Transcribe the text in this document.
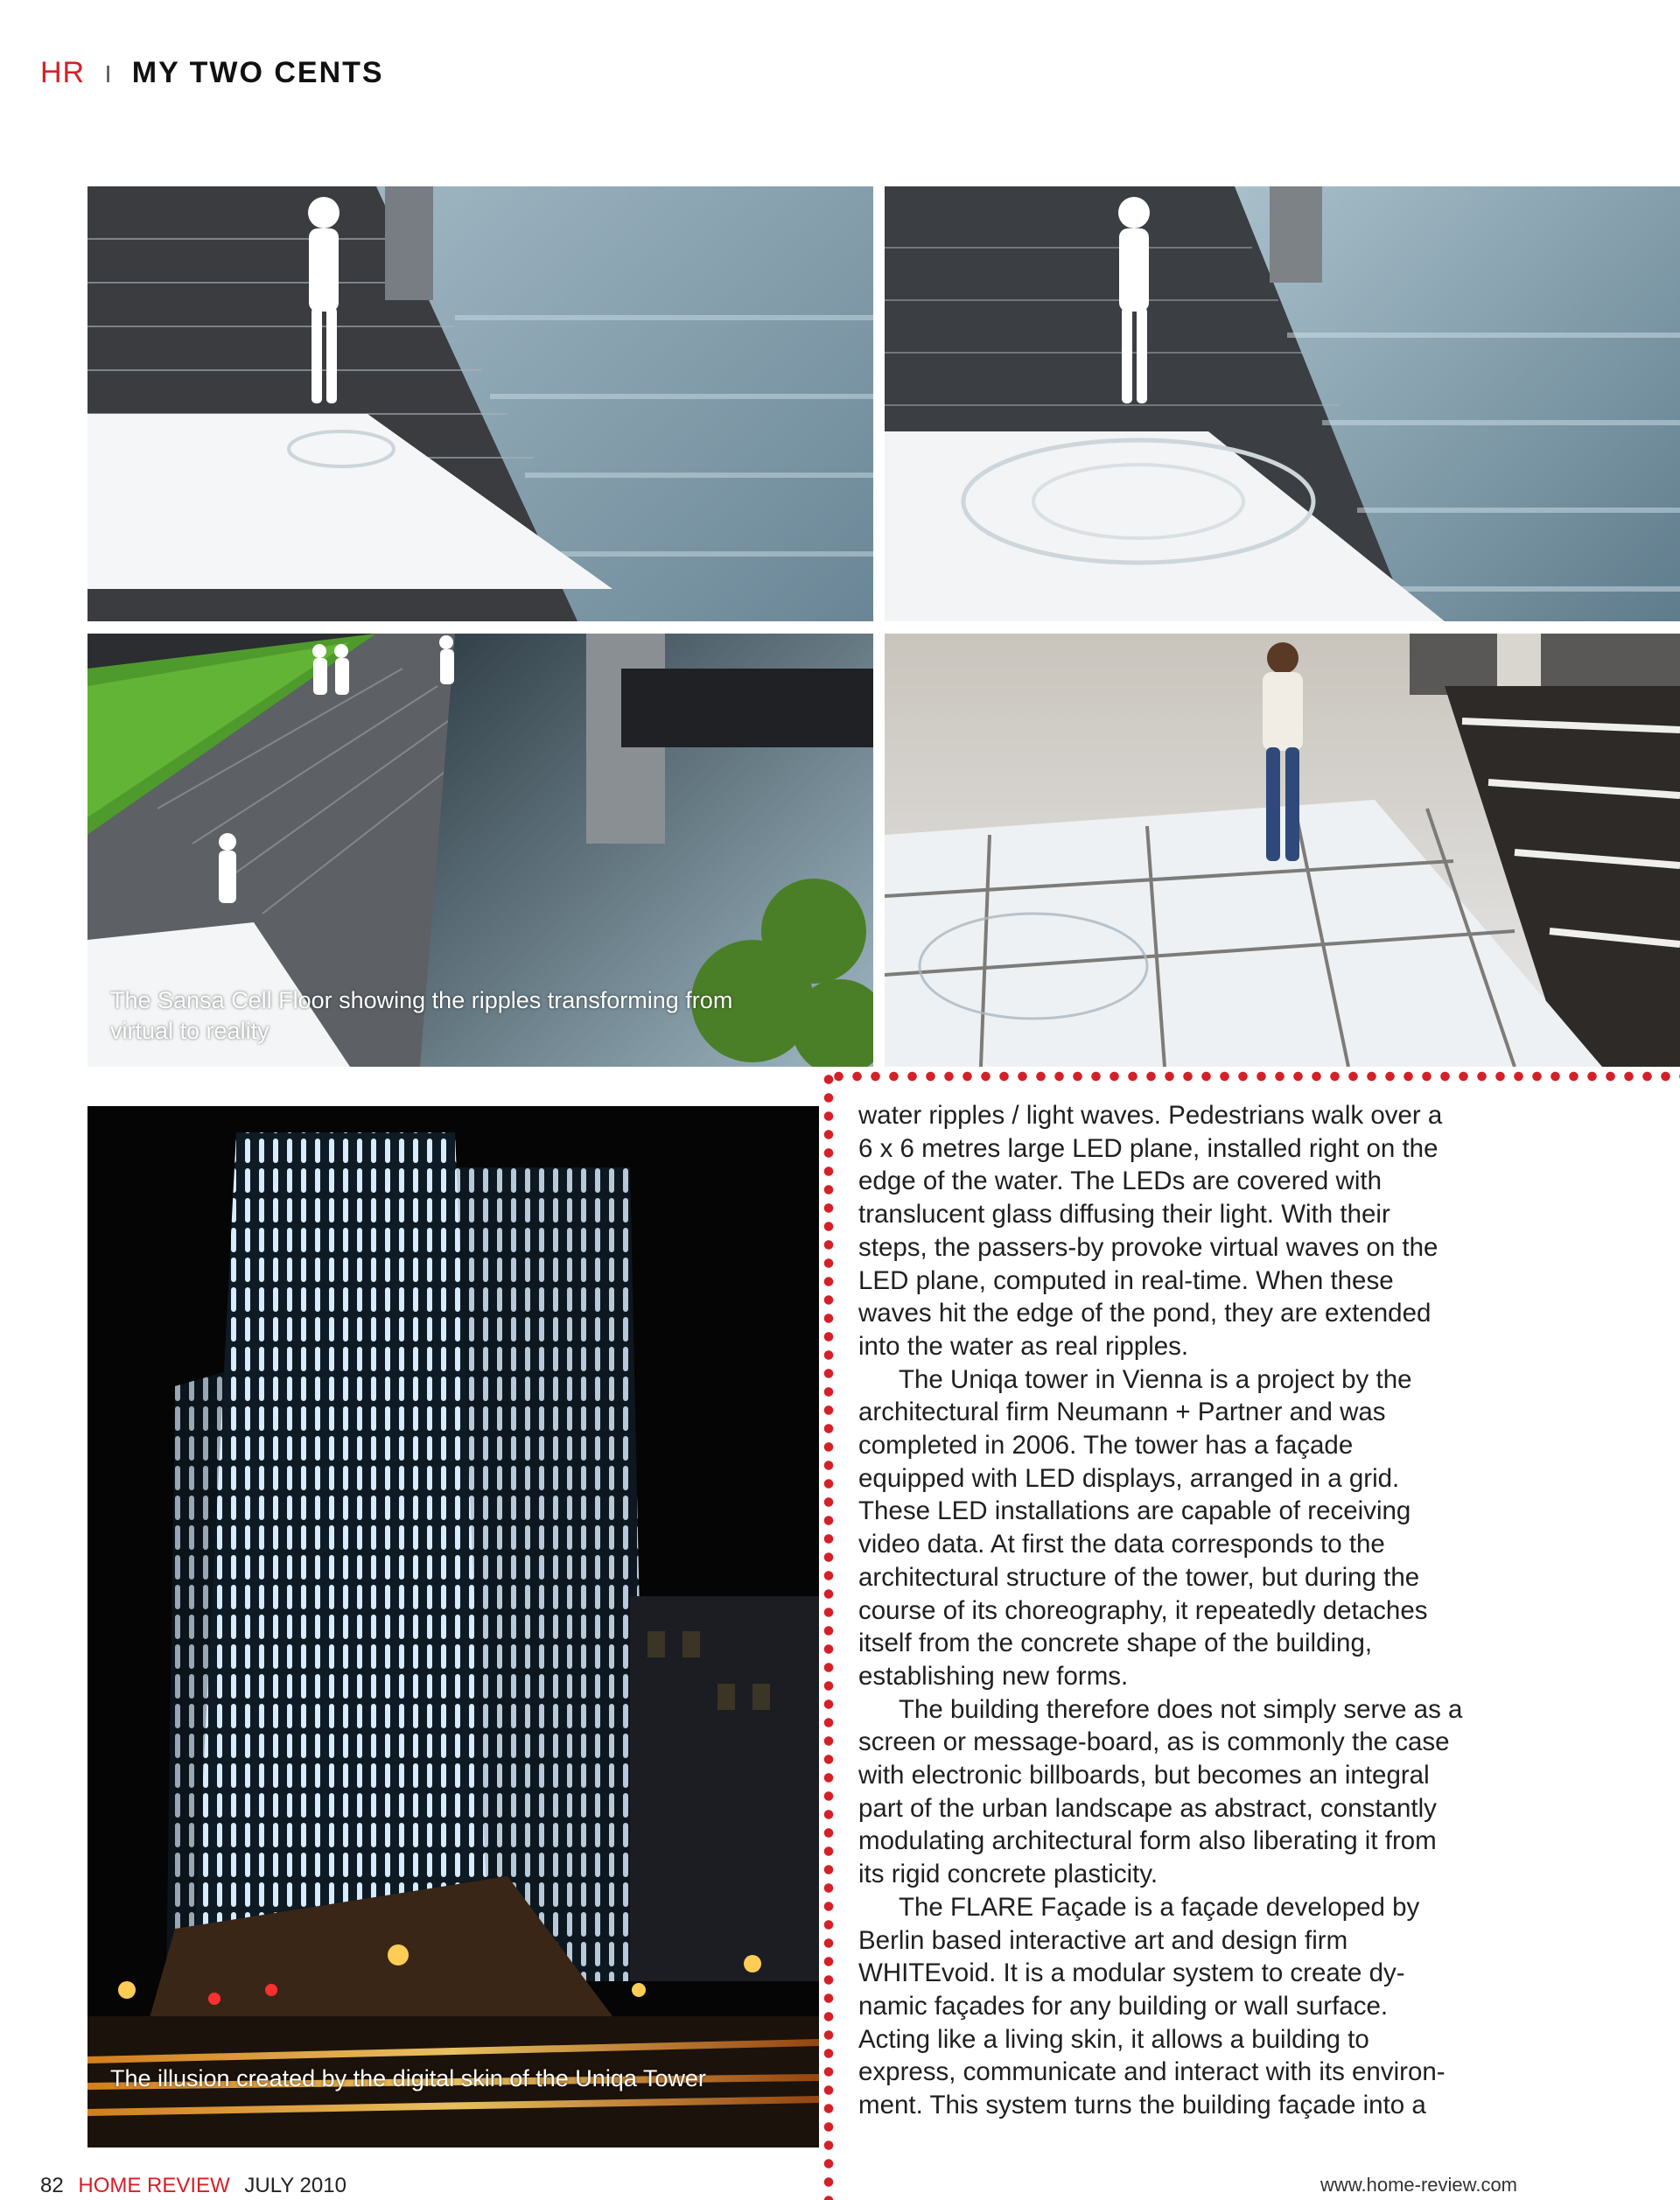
HR I MY TWO CENTS
The Sansa Cell Floor showing the ripples transforming from
virtual to reality
The illusion created by the digital skin of the Uniqa Tower
water ripples / light waves. Pedestrians walk over a
6 x 6 metres large LED plane, installed right on the
edge of the water. The LEDs are covered with
translucent glass diffusing their light. With their
steps, the passers-by provoke virtual waves on the
LED plane, computed in real-time. When these
waves hit the edge of the pond, they are extended
into the water as real ripples.
The Uniqa tower in Vienna is a project by the
architectural firm Neumann + Partner and was
completed in 2006. The tower has a façade
equipped with LED displays, arranged in a grid.
These LED installations are capable of receiving
video data. At first the data corresponds to the
architectural structure of the tower, but during the
course of its choreography, it repeatedly detaches
itself from the concrete shape of the building,
establishing new forms.
The building therefore does not simply serve as a
screen or message-board, as is commonly the case
with electronic billboards, but becomes an integral
part of the urban landscape as abstract, constantly
modulating architectural form also liberating it from
its rigid concrete plasticity.
The FLARE Façade is a façade developed by
Berlin based interactive art and design firm
WHITEvoid. It is a modular system to create dy-
namic façades for any building or wall surface.
Acting like a living skin, it allows a building to
express, communicate and interact with its environ-
ment. This system turns the building façade into a
82 HOME REVIEW JULY 2010	www.home-review.com
